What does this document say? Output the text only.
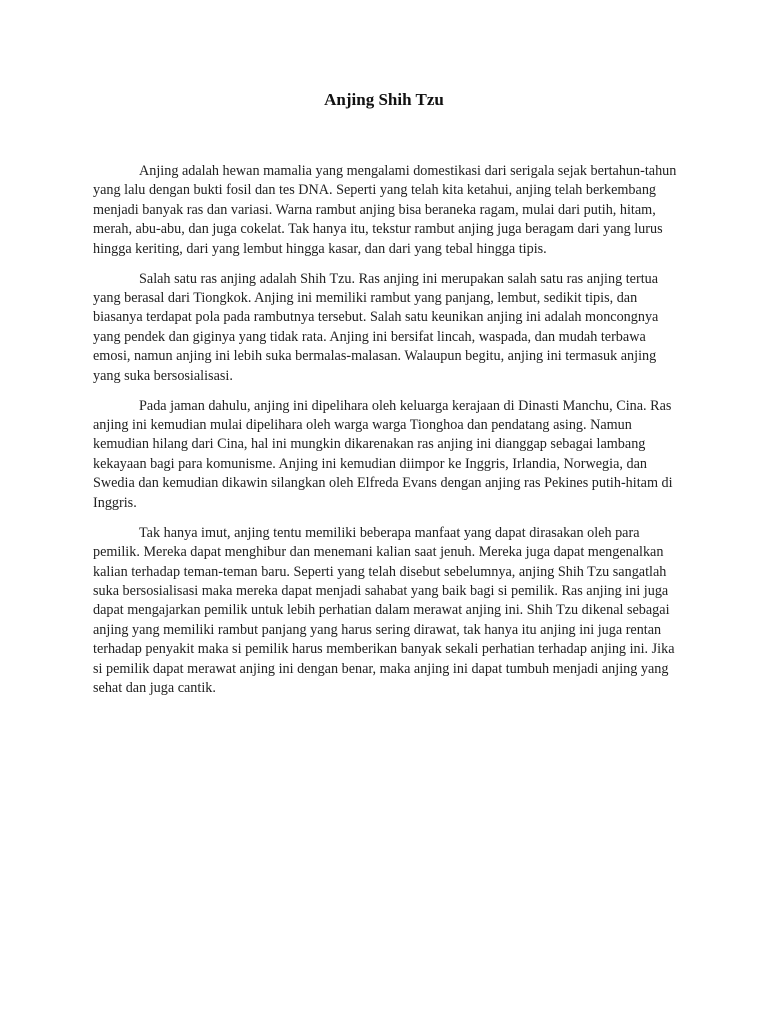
Anjing Shih Tzu

Anjing adalah hewan mamalia yang mengalami domestikasi dari serigala sejak bertahun-tahun yang lalu dengan bukti fosil dan tes DNA. Seperti yang telah kita ketahui, anjing telah berkembang menjadi banyak ras dan variasi. Warna rambut anjing bisa beraneka ragam, mulai dari putih, hitam, merah, abu-abu, dan juga cokelat. Tak hanya itu, tekstur rambut anjing juga beragam dari yang lurus hingga keriting, dari yang lembut hingga kasar, dan dari yang tebal hingga tipis.

Salah satu ras anjing adalah Shih Tzu. Ras anjing ini merupakan salah satu ras anjing tertua yang berasal dari Tiongkok. Anjing ini memiliki rambut yang panjang, lembut, sedikit tipis, dan biasanya terdapat pola pada rambutnya tersebut. Salah satu keunikan anjing ini adalah moncongnya yang pendek dan giginya yang tidak rata. Anjing ini bersifat lincah, waspada, dan mudah terbawa emosi, namun anjing ini lebih suka bermalas-malasan. Walaupun begitu, anjing ini termasuk anjing yang suka bersosialisasi.

Pada jaman dahulu, anjing ini dipelihara oleh keluarga kerajaan di Dinasti Manchu, Cina. Ras anjing ini kemudian mulai dipelihara oleh warga warga Tionghoa dan pendatang asing. Namun kemudian hilang dari Cina, hal ini mungkin dikarenakan ras anjing ini dianggap sebagai lambang kekayaan bagi para komunisme. Anjing ini kemudian diimpor ke Inggris, Irlandia, Norwegia, dan Swedia dan kemudian dikawin silangkan oleh Elfreda Evans dengan anjing ras Pekines putih-hitam di Inggris.

Tak hanya imut, anjing tentu memiliki beberapa manfaat yang dapat dirasakan oleh para pemilik. Mereka dapat menghibur dan menemani kalian saat jenuh. Mereka juga dapat mengenalkan kalian terhadap teman-teman baru. Seperti yang telah disebut sebelumnya, anjing Shih Tzu sangatlah suka bersosialisasi maka mereka dapat menjadi sahabat yang baik bagi si pemilik. Ras anjing ini juga dapat mengajarkan pemilik untuk lebih perhatian dalam merawat anjing ini. Shih Tzu dikenal sebagai anjing yang memiliki rambut panjang yang harus sering dirawat, tak hanya itu anjing ini juga rentan terhadap penyakit maka si pemilik harus memberikan banyak sekali perhatian terhadap anjing ini. Jika si pemilik dapat merawat anjing ini dengan benar, maka anjing ini dapat tumbuh menjadi anjing yang sehat dan juga cantik.
